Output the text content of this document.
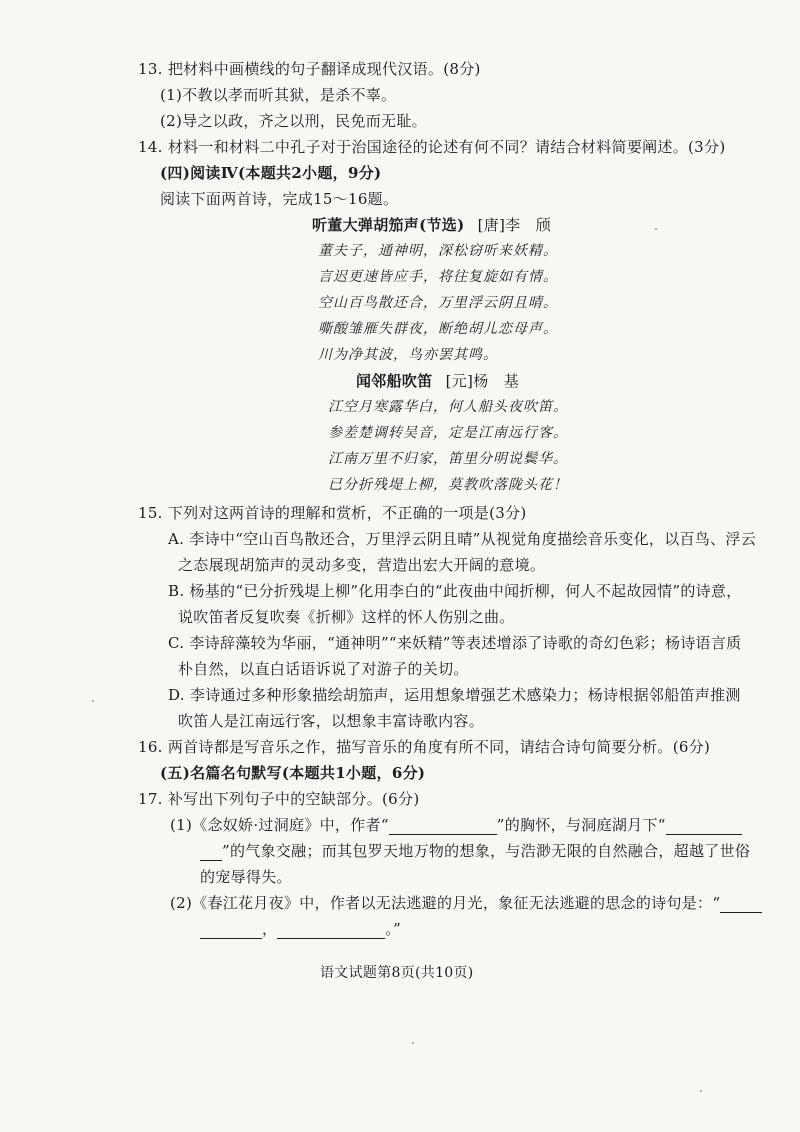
13. 把材料中画横线的句子翻译成现代汉语。(8分)
(1)不教以孝而听其狱，是杀不辜。
(2)导之以政，齐之以刑，民免而无耻。
14. 材料一和材料二中孔子对于治国途径的论述有何不同？请结合材料简要阐述。(3分)
(四)阅读Ⅳ(本题共2小题，9分)
阅读下面两首诗，完成15～16题。
听董大弹胡笳声(节选) [唐]李　颀
董夫子，通神明，深松窃听来妖精。
言迟更速皆应手，将往复旋如有情。
空山百鸟散还合，万里浮云阴且晴。
嘶酸雏雁失群夜，断绝胡儿恋母声。
川为净其波，鸟亦罢其鸣。
闻邻船吹笛 [元]杨　基
江空月寒露华白，何人船头夜吹笛。
参差楚调转吴音，定是江南远行客。
江南万里不归家，笛里分明说鬓华。
已分折残堤上柳，莫教吹落陇头花！
15. 下列对这两首诗的理解和赏析，不正确的一项是(3分)
A. 李诗中“空山百鸟散还合，万里浮云阴且晴”从视觉角度描绘音乐变化，以百鸟、浮云
之态展现胡笳声的灵动多变，营造出宏大开阔的意境。
B. 杨基的“已分折残堤上柳”化用李白的“此夜曲中闻折柳，何人不起故园情”的诗意，
说吹笛者反复吹奏《折柳》这样的怀人伤别之曲。
C. 李诗辞藻较为华丽，“通神明”“来妖精”等表述增添了诗歌的奇幻色彩；杨诗语言质
朴自然，以直白话语诉说了对游子的关切。
D. 李诗通过多种形象描绘胡笳声，运用想象增强艺术感染力；杨诗根据邻船笛声推测
吹笛人是江南远行客，以想象丰富诗歌内容。
16. 两首诗都是写音乐之作，描写音乐的角度有所不同，请结合诗句简要分析。(6分)
(五)名篇名句默写(本题共1小题，6分)
17. 补写出下列句子中的空缺部分。(6分)
(1)《念奴娇·过洞庭》中，作者“	”的胸怀，与洞庭湖月下“
”的气象交融；而其包罗天地万物的想象，与浩渺无限的自然融合，超越了世俗
的宠辱得失。
(2)《春江花月夜》中，作者以无法逃避的月光，象征无法逃避的思念的诗句是：“
，	。”
语文试题第8页(共10页)
